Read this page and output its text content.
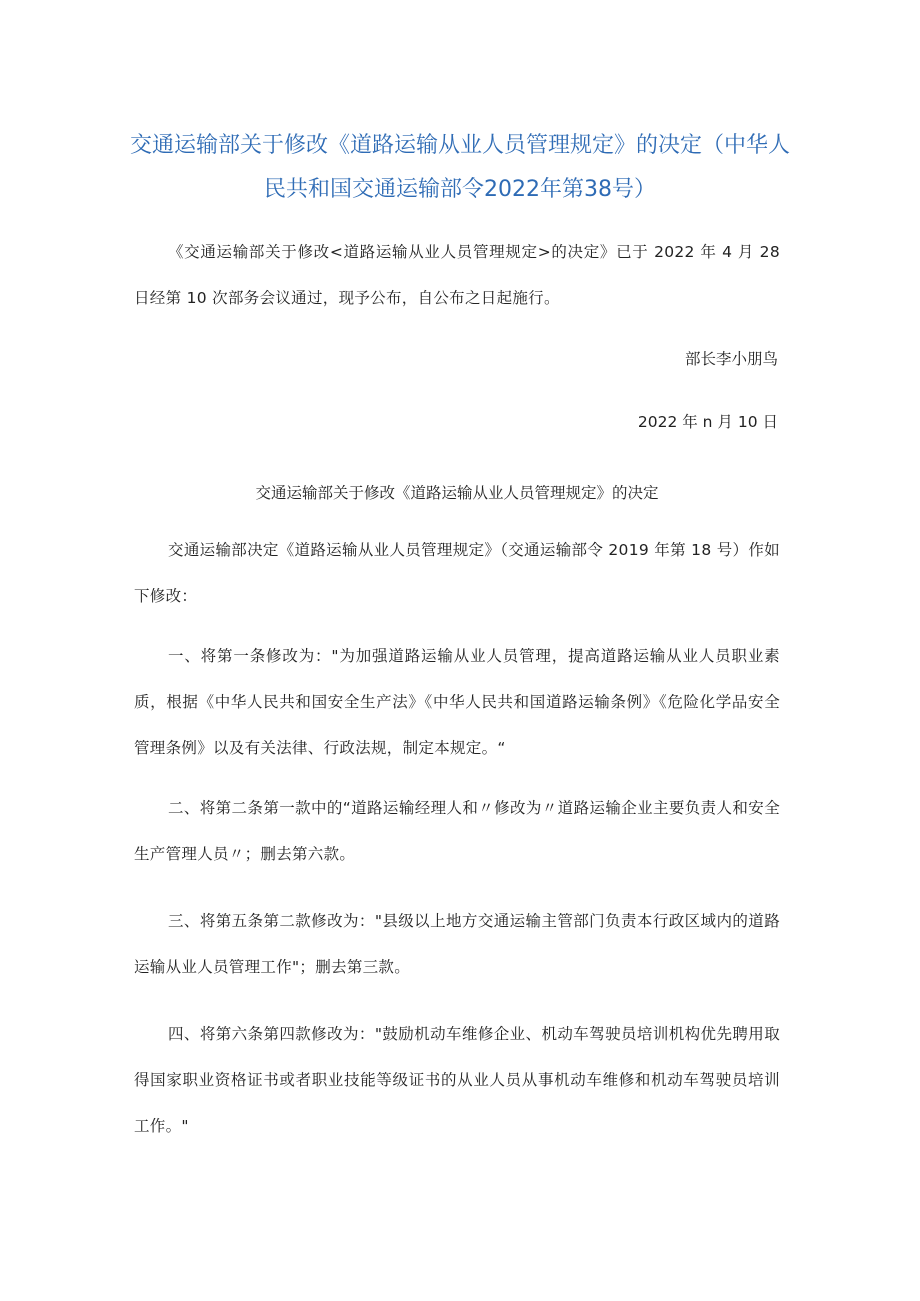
交通运输部关于修改《道路运输从业人员管理规定》的决定（中华人民共和国交通运输部令2022年第38号）

《交通运输部关于修改<道路运输从业人员管理规定>的决定》已于 2022 年 4 月 28 日经第 10 次部务会议通过，现予公布，自公布之日起施行。

部长李小朋鸟

2022 年 n 月 10 日

交通运输部关于修改《道路运输从业人员管理规定》的决定

交通运输部决定《道路运输从业人员管理规定》（交通运输部令 2019 年第 18 号）作如下修改：

一、将第一条修改为："为加强道路运输从业人员管理，提高道路运输从业人员职业素质，根据《中华人民共和国安全生产法》《中华人民共和国道路运输条例》《危险化学品安全管理条例》以及有关法律、行政法规，制定本规定。“

二、将第二条第一款中的“道路运输经理人和〃修改为〃道路运输企业主要负责人和安全生产管理人员〃；删去第六款。

三、将第五条第二款修改为："县级以上地方交通运输主管部门负责本行政区域内的道路运输从业人员管理工作"；删去第三款。

四、将第六条第四款修改为："鼓励机动车维修企业、机动车驾驶员培训机构优先聘用取得国家职业资格证书或者职业技能等级证书的从业人员从事机动车维修和机动车驾驶员培训工作。"
